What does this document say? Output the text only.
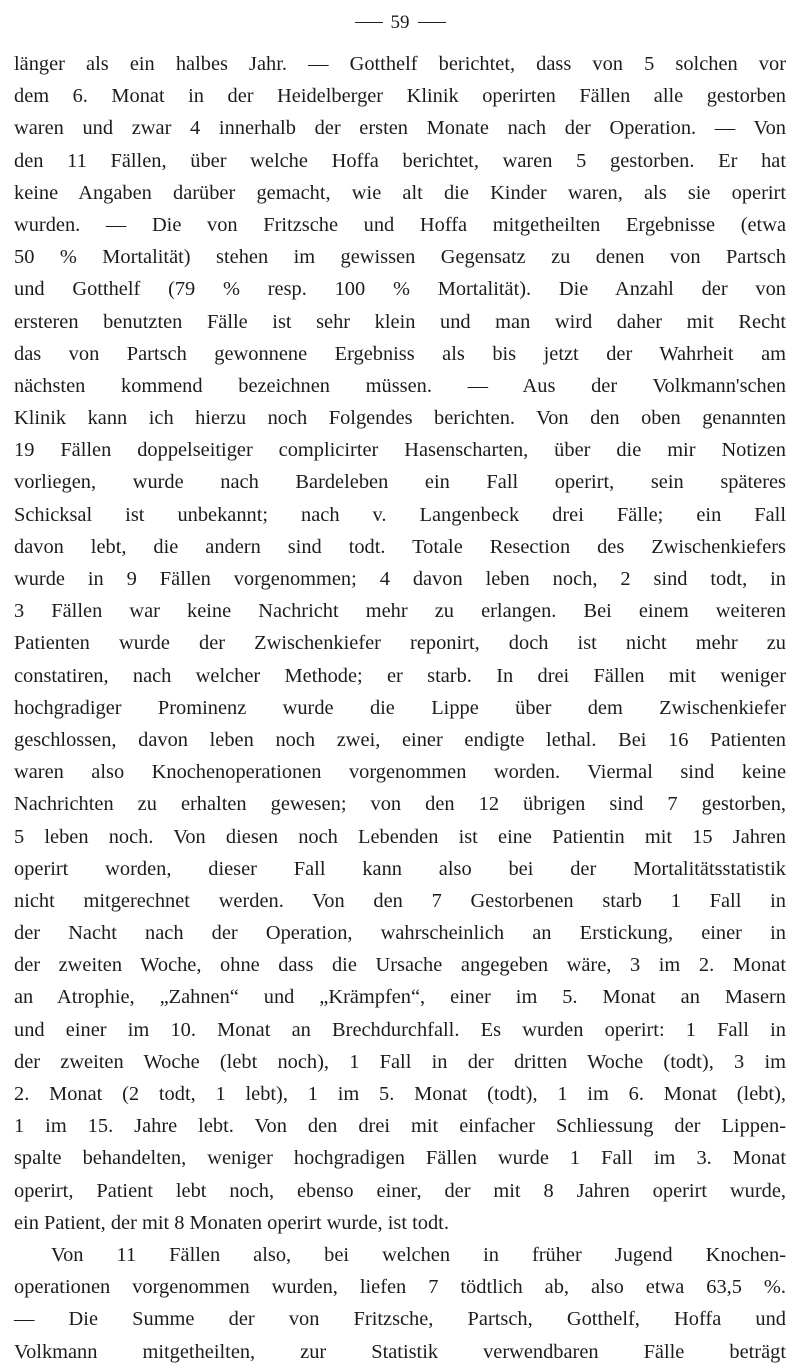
59
länger als ein halbes Jahr. — Gotthelf berichtet, dass von 5 solchen vor
dem 6. Monat in der Heidelberger Klinik operirten Fällen alle gestorben
waren und zwar 4 innerhalb der ersten Monate nach der Operation. — Von
den 11 Fällen, über welche Hoffa berichtet, waren 5 gestorben. Er hat
keine Angaben darüber gemacht, wie alt die Kinder waren, als sie operirt
wurden. — Die von Fritzsche und Hoffa mitgetheilten Ergebnisse (etwa
50 % Mortalität) stehen im gewissen Gegensatz zu denen von Partsch
und Gotthelf (79 % resp. 100 % Mortalität). Die Anzahl der von
ersteren benutzten Fälle ist sehr klein und man wird daher mit Recht
das von Partsch gewonnene Ergebniss als bis jetzt der Wahrheit am
nächsten kommend bezeichnen müssen. — Aus der Volkmann'schen
Klinik kann ich hierzu noch Folgendes berichten. Von den oben genannten
19 Fällen doppelseitiger complicirter Hasenscharten, über die mir Notizen
vorliegen, wurde nach Bardeleben ein Fall operirt, sein späteres
Schicksal ist unbekannt; nach v. Langenbeck drei Fälle; ein Fall
davon lebt, die andern sind todt. Totale Resection des Zwischenkiefers
wurde in 9 Fällen vorgenommen; 4 davon leben noch, 2 sind todt, in
3 Fällen war keine Nachricht mehr zu erlangen. Bei einem weiteren
Patienten wurde der Zwischenkiefer reponirt, doch ist nicht mehr zu
constatiren, nach welcher Methode; er starb. In drei Fällen mit weniger
hochgradiger Prominenz wurde die Lippe über dem Zwischenkiefer
geschlossen, davon leben noch zwei, einer endigte lethal. Bei 16 Patienten
waren also Knochenoperationen vorgenommen worden. Viermal sind keine
Nachrichten zu erhalten gewesen; von den 12 übrigen sind 7 gestorben,
5 leben noch. Von diesen noch Lebenden ist eine Patientin mit 15 Jahren
operirt worden, dieser Fall kann also bei der Mortalitätsstatistik
nicht mitgerechnet werden. Von den 7 Gestorbenen starb 1 Fall in
der Nacht nach der Operation, wahrscheinlich an Erstickung, einer in
der zweiten Woche, ohne dass die Ursache angegeben wäre, 3 im 2. Monat
an Atrophie, „Zahnen“ und „Krämpfen“, einer im 5. Monat an Masern
und einer im 10. Monat an Brechdurchfall. Es wurden operirt: 1 Fall in
der zweiten Woche (lebt noch), 1 Fall in der dritten Woche (todt), 3 im
2. Monat (2 todt, 1 lebt), 1 im 5. Monat (todt), 1 im 6. Monat (lebt),
1 im 15. Jahre lebt. Von den drei mit einfacher Schliessung der Lippen-
spalte behandelten, weniger hochgradigen Fällen wurde 1 Fall im 3. Monat
operirt, Patient lebt noch, ebenso einer, der mit 8 Jahren operirt wurde,
ein Patient, der mit 8 Monaten operirt wurde, ist todt.
Von 11 Fällen also, bei welchen in früher Jugend Knochen-
operationen vorgenommen wurden, liefen 7 tödtlich ab, also etwa 63,5 %.
— Die Summe der von Fritzsche, Partsch, Gotthelf, Hoffa und
Volkmann mitgetheilten, zur Statistik verwendbaren Fälle beträgt
